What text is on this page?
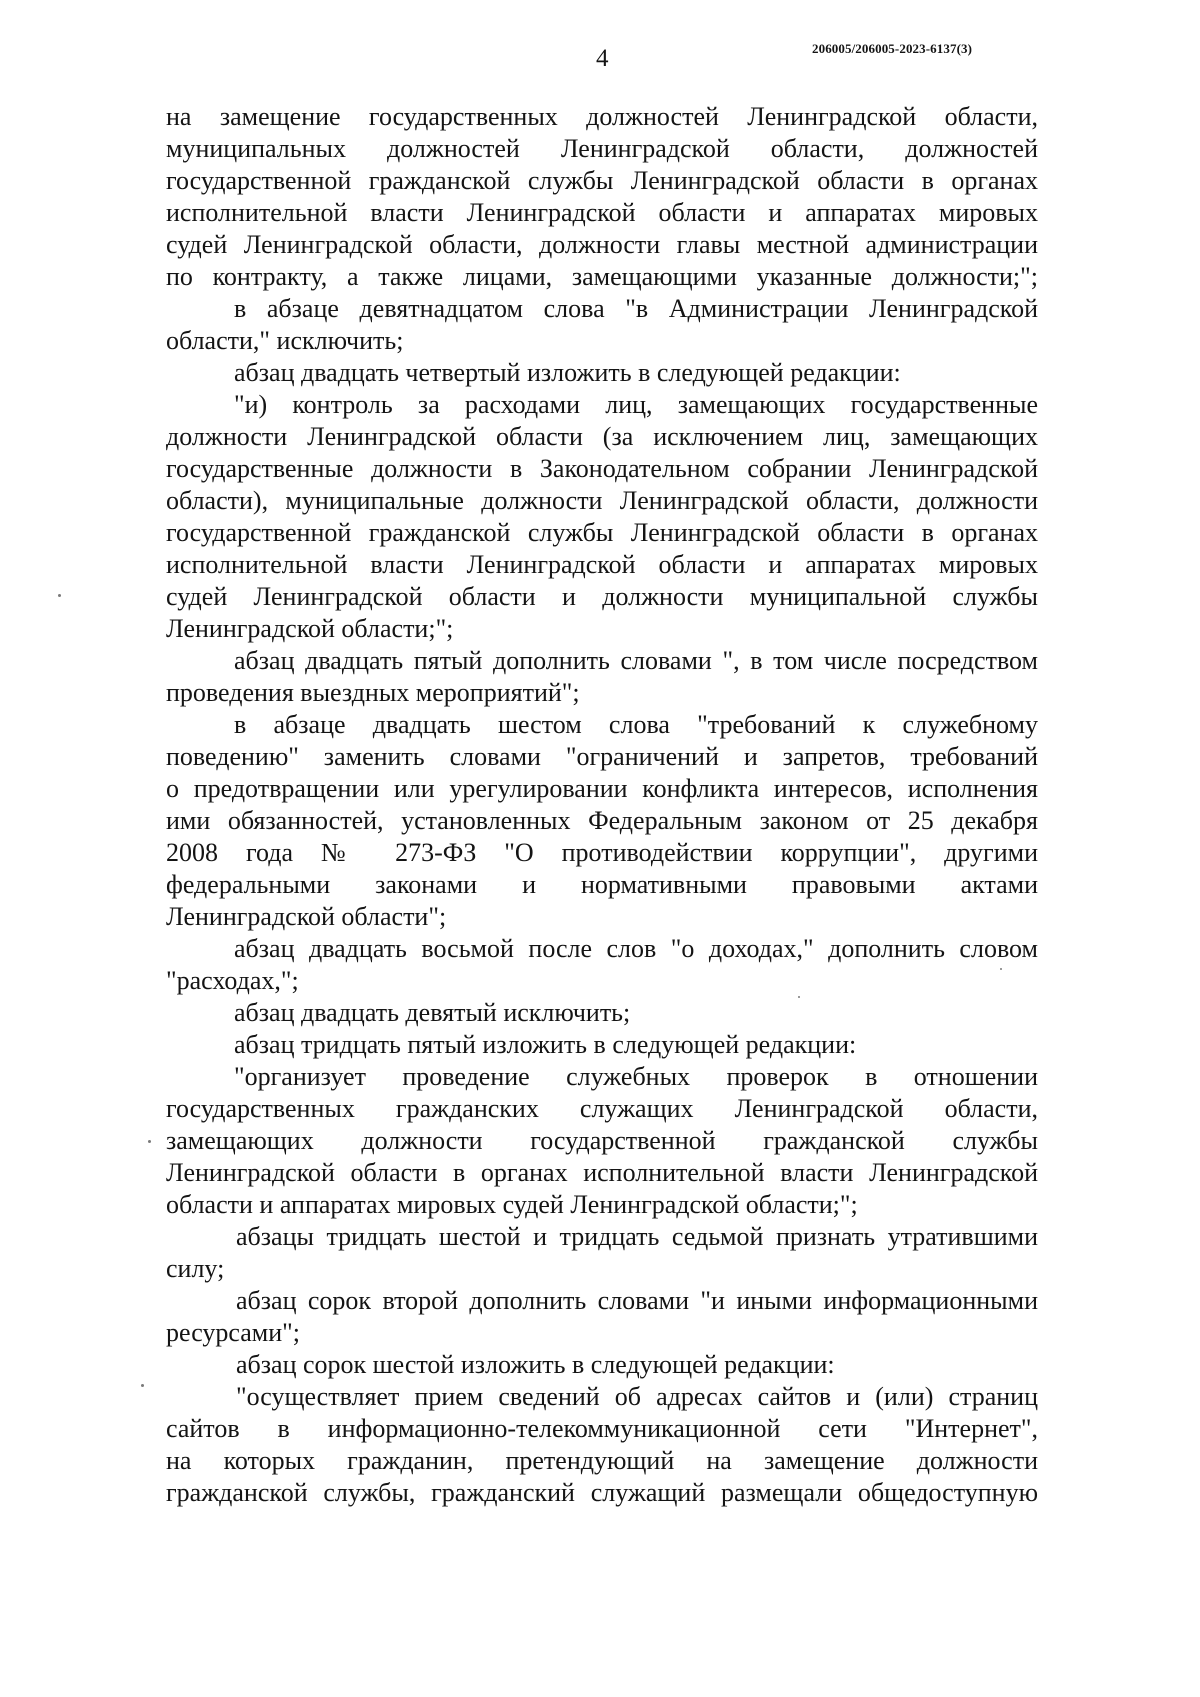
4	206005/206005-2023-6137(3)
на замещение государственных должностей Ленинградской области,
муниципальных должностей Ленинградской области, должностей
государственной гражданской службы Ленинградской области в органах
исполнительной власти Ленинградской области и аппаратах мировых
судей Ленинградской области, должности главы местной администрации
по контракту, а также лицами, замещающими указанные должности;";
в абзаце девятнадцатом слова "в Администрации Ленинградской
области," исключить;
абзац двадцать четвертый изложить в следующей редакции:
"и) контроль за расходами лиц, замещающих государственные
должности Ленинградской области (за исключением лиц, замещающих
государственные должности в Законодательном собрании Ленинградской
области), муниципальные должности Ленинградской области, должности
государственной гражданской службы Ленинградской области в органах
исполнительной власти Ленинградской области и аппаратах мировых
судей Ленинградской области и должности муниципальной службы
Ленинградской области;";
абзац двадцать пятый дополнить словами ", в том числе посредством
проведения выездных мероприятий";
в абзаце двадцать шестом слова "требований к служебному
поведению" заменить словами "ограничений и запретов, требований
о предотвращении или урегулировании конфликта интересов, исполнения
ими обязанностей, установленных Федеральным законом от 25 декабря
2008 года № 273-ФЗ "О противодействии коррупции", другими
федеральными законами и нормативными правовыми актами
Ленинградской области";
абзац двадцать восьмой после слов "о доходах," дополнить словом
"расходах,";
абзац двадцать девятый исключить;
абзац тридцать пятый изложить в следующей редакции:
"организует проведение служебных проверок в отношении
государственных гражданских служащих Ленинградской области,
замещающих должности государственной гражданской службы
Ленинградской области в органах исполнительной власти Ленинградской
области и аппаратах мировых судей Ленинградской области;";
абзацы тридцать шестой и тридцать седьмой признать утратившими
силу;
абзац сорок второй дополнить словами "и иными информационными
ресурсами";
абзац сорок шестой изложить в следующей редакции:
"осуществляет прием сведений об адресах сайтов и (или) страниц
сайтов в информационно-телекоммуникационной сети "Интернет",
на которых гражданин, претендующий на замещение должности
гражданской службы, гражданский служащий размещали общедоступную
